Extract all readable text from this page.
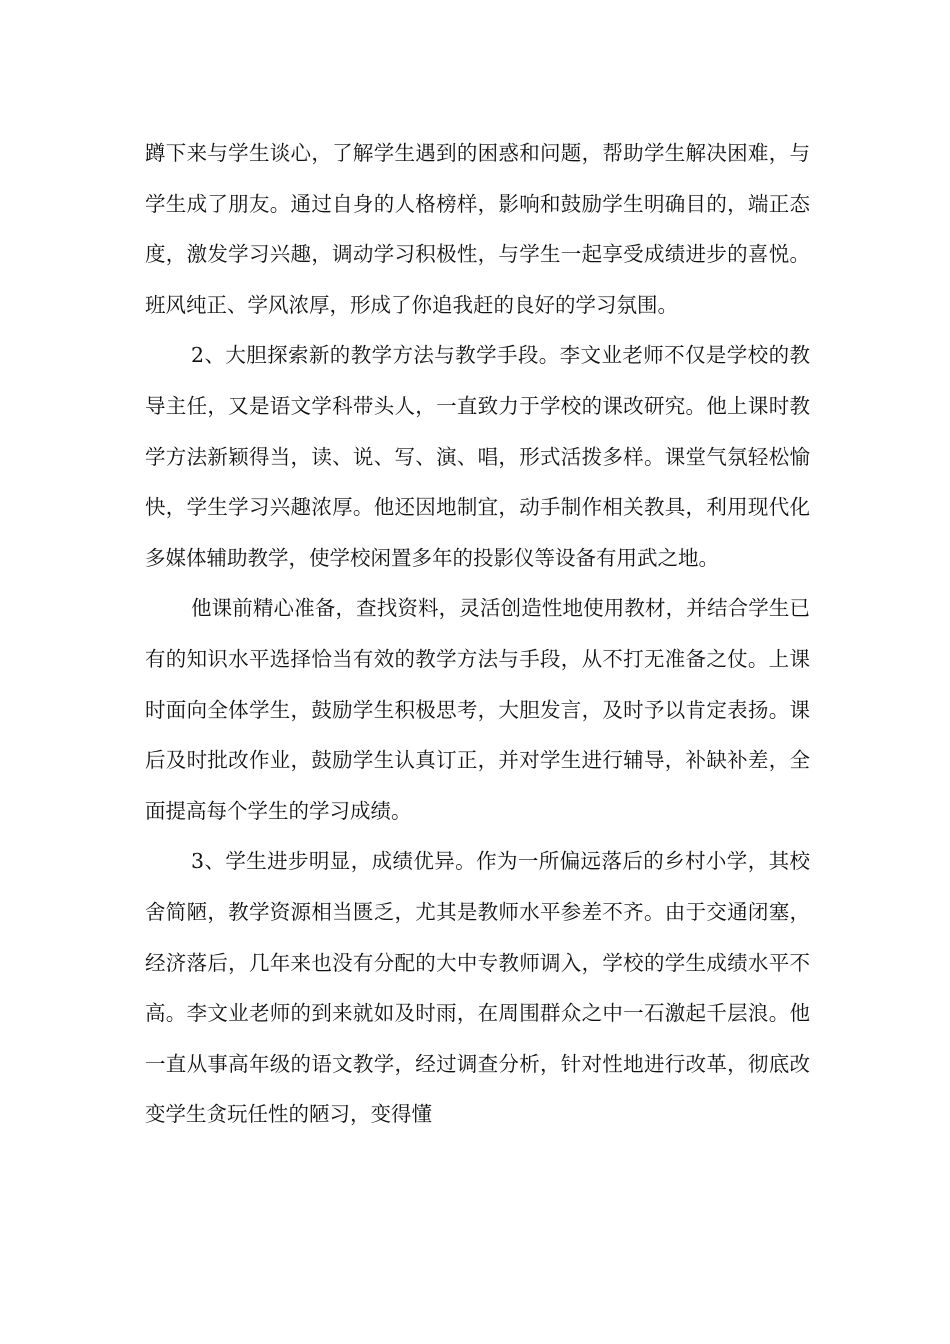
蹲下来与学生谈心，了解学生遇到的困惑和问题，帮助学生解决困难，与学生成了朋友。通过自身的人格榜样，影响和鼓励学生明确目的，端正态度，激发学习兴趣，调动学习积极性，与学生一起享受成绩进步的喜悦。班风纯正、学风浓厚，形成了你追我赶的良好的学习氛围。

2、大胆探索新的教学方法与教学手段。李文业老师不仅是学校的教导主任，又是语文学科带头人，一直致力于学校的课改研究。他上课时教学方法新颖得当，读、说、写、演、唱，形式活拨多样。课堂气氛轻松愉快，学生学习兴趣浓厚。他还因地制宜，动手制作相关教具，利用现代化多媒体辅助教学，使学校闲置多年的投影仪等设备有用武之地。

他课前精心准备，查找资料，灵活创造性地使用教材，并结合学生已有的知识水平选择恰当有效的教学方法与手段，从不打无准备之仗。上课时面向全体学生，鼓励学生积极思考，大胆发言，及时予以肯定表扬。课后及时批改作业，鼓励学生认真订正，并对学生进行辅导，补缺补差，全面提高每个学生的学习成绩。

3、学生进步明显，成绩优异。作为一所偏远落后的乡村小学，其校舍简陋，教学资源相当匮乏，尤其是教师水平参差不齐。由于交通闭塞，经济落后，几年来也没有分配的大中专教师调入，学校的学生成绩水平不高。李文业老师的到来就如及时雨，在周围群众之中一石激起千层浪。他一直从事高年级的语文教学，经过调查分析，针对性地进行改革，彻底改变学生贪玩任性的陋习，变得懂
